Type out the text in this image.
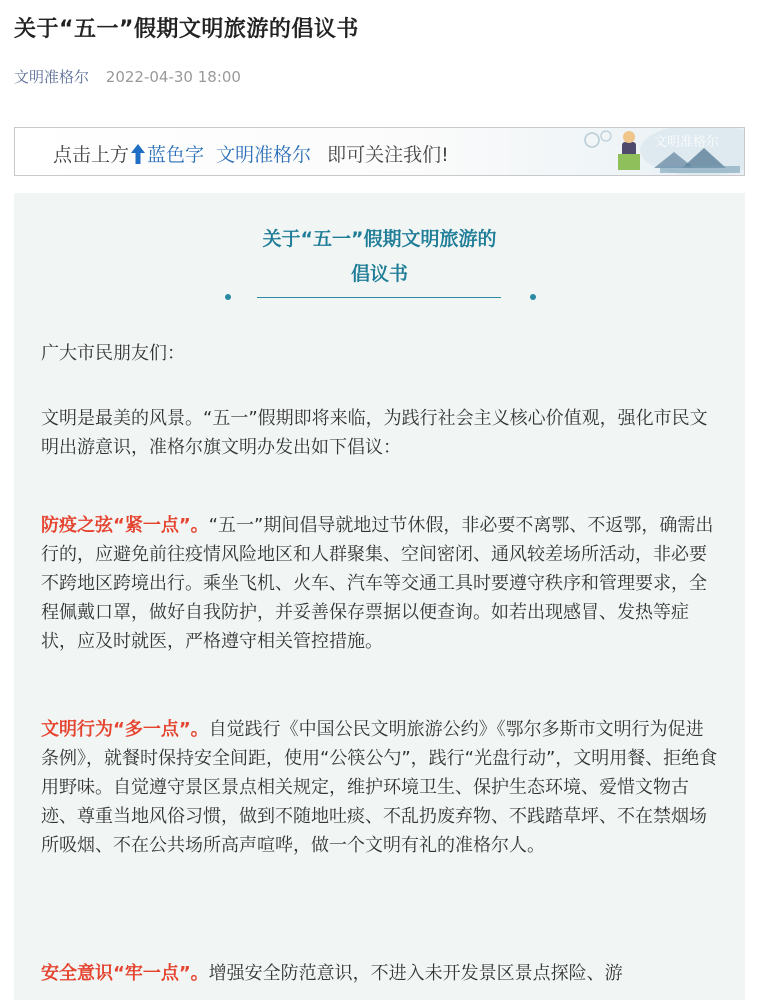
关于“五一”假期文明旅游的倡议书
文明准格尔 2022-04-30 18:00
点击上方 蓝色字 文明准格尔 即可关注我们!
文明准格尔
关于“五一”假期文明旅游的
倡议书

广大市民朋友们：

文明是最美的风景。“五一”假期即将来临，为践行社会主义核心价值观，强化市民文明出游意识，准格尔旗文明办发出如下倡议：

防疫之弦“紧一点”。“五一”期间倡导就地过节休假，非必要不离鄂、不返鄂，确需出行的，应避免前往疫情风险地区和人群聚集、空间密闭、通风较差场所活动，非必要不跨地区跨境出行。乘坐飞机、火车、汽车等交通工具时要遵守秩序和管理要求，全程佩戴口罩，做好自我防护，并妥善保存票据以便查询。如若出现感冒、发热等症状，应及时就医，严格遵守相关管控措施。

文明行为“多一点”。自觉践行《中国公民文明旅游公约》《鄂尔多斯市文明行为促进条例》，就餐时保持安全间距，使用“公筷公勺”，践行“光盘行动”，文明用餐、拒绝食用野味。自觉遵守景区景点相关规定，维护环境卫生、保护生态环境、爱惜文物古迹、尊重当地风俗习惯，做到不随地吐痰、不乱扔废弃物、不践踏草坪、不在禁烟场所吸烟、不在公共场所高声喧哗，做一个文明有礼的准格尔人。

安全意识“牢一点”。增强安全防范意识，不进入未开发景区景点探险、游
